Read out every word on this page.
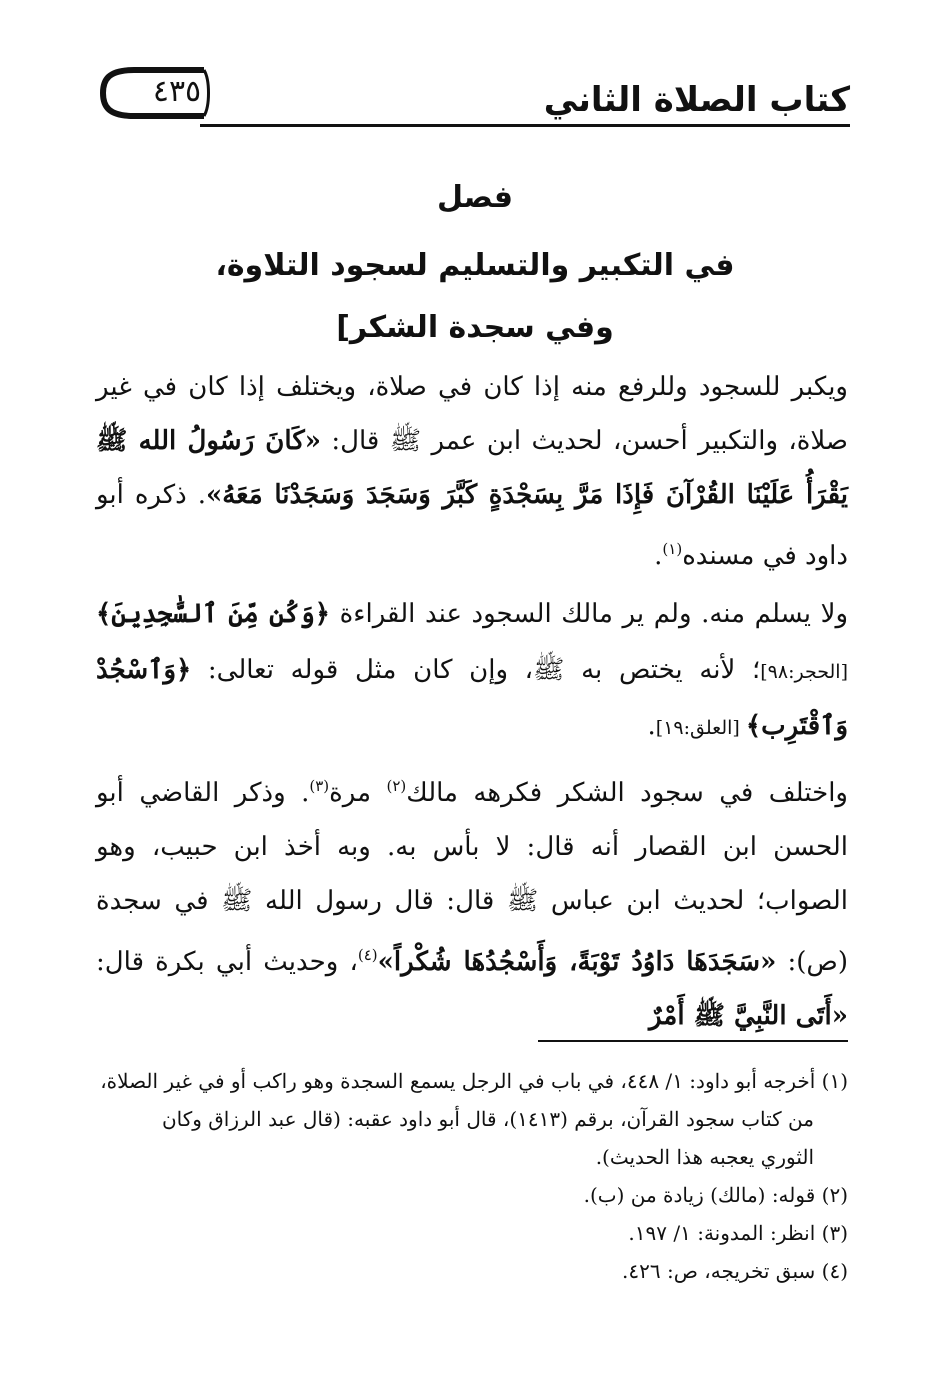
كتاب الصلاة الثاني
٤٣٥
فصل
في التكبير والتسليم لسجود التلاوة،
وفي سجدة الشكر]

ويكبر للسجود وللرفع منه إذا كان في صلاة، ويختلف إذا كان في غير صلاة، والتكبير أحسن، لحديث ابن عمر ﷺ قال: «كَانَ رَسُولُ الله ﷺ يَقْرَأُ عَلَيْنَا القُرْآنَ فَإِذَا مَرَّ بِسَجْدَةٍ كَبَّرَ وَسَجَدَ وَسَجَدْنَا مَعَهُ». ذكره أبو داود في مسنده$^{(١)}$.

ولا يسلم منه. ولم ير مالك السجود عند القراءة ﴿وَكُن مِّنَ ٱلسَّٰجِدِينَ﴾ [الحجر:٩٨]؛ لأنه يختص به ﷺ، وإن كان مثل قوله تعالى: ﴿وَٱسْجُدْ وَٱقْتَرِب﴾ [العلق:١٩].

واختلف في سجود الشكر فكرهه مالك$^{(٢)}$ مرة$^{(٣)}$. وذكر القاضي أبو الحسن ابن القصار أنه قال: لا بأس به. وبه أخذ ابن حبيب، وهو الصواب؛ لحديث ابن عباس ﷺ قال: قال رسول الله ﷺ في سجدة (ص): «سَجَدَهَا دَاوُدُ تَوْبَةً، وَأَسْجُدُهَا شُكْراً»$^{(٤)}$، وحديث أبي بكرة قال: «أَتَى النَّبِيَّ ﷺ أَمْرٌ

(١) أخرجه أبو داود: ١/ ٤٤٨، في باب في الرجل يسمع السجدة وهو راكب أو في غير الصلاة،
من كتاب سجود القرآن، برقم (١٤١٣)، قال أبو داود عقبه: (قال عبد الرزاق وكان
الثوري يعجبه هذا الحديث).

(٢) قوله: (مالك) زيادة من (ب).

(٣) انظر: المدونة: ١/ ١٩٧.

(٤) سبق تخريجه، ص: ٤٢٦.
